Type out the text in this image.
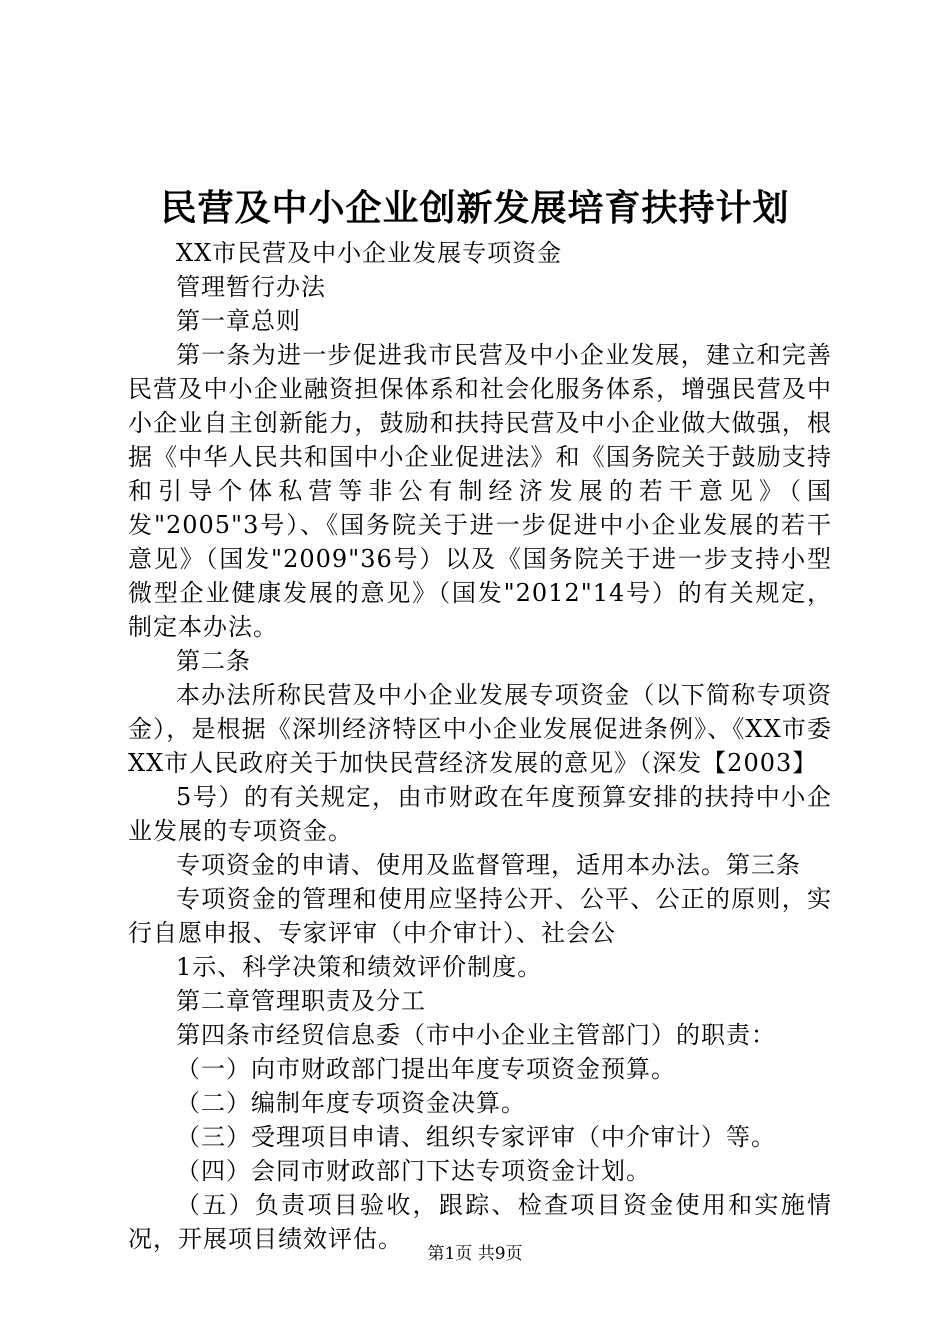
民营及中小企业创新发展培育扶持计划

XX市民营及中小企业发展专项资金

管理暂行办法

第一章总则

第一条为进一步促进我市民营及中小企业发展，建立和完善民营及中小企业融资担保体系和社会化服务体系，增强民营及中小企业自主创新能力，鼓励和扶持民营及中小企业做大做强，根据《中华人民共和国中小企业促进法》和《国务院关于鼓励支持和引导个体私营等非公有制经济发展的若干意见》（国发"2005"3号）、《国务院关于进一步促进中小企业发展的若干意见》（国发"2009"36号）以及《国务院关于进一步支持小型微型企业健康发展的意见》（国发"2012"14号）的有关规定，制定本办法。

第二条

本办法所称民营及中小企业发展专项资金（以下简称专项资金），是根据《深圳经济特区中小企业发展促进条例》、《XX市委XX市人民政府关于加快民营经济发展的意见》（深发【2003】

5号）的有关规定，由市财政在年度预算安排的扶持中小企业发展的专项资金。

专项资金的申请、使用及监督管理，适用本办法。第三条

专项资金的管理和使用应坚持公开、公平、公正的原则，实行自愿申报、专家评审（中介审计）、社会公

1示、科学决策和绩效评价制度。

第二章管理职责及分工

第四条市经贸信息委（市中小企业主管部门）的职责：

（一）向市财政部门提出年度专项资金预算。

（二）编制年度专项资金决算。

（三）受理项目申请、组织专家评审（中介审计）等。

（四）会同市财政部门下达专项资金计划。

（五）负责项目验收，跟踪、检查项目资金使用和实施情况，开展项目绩效评估。

第1页 共9页
